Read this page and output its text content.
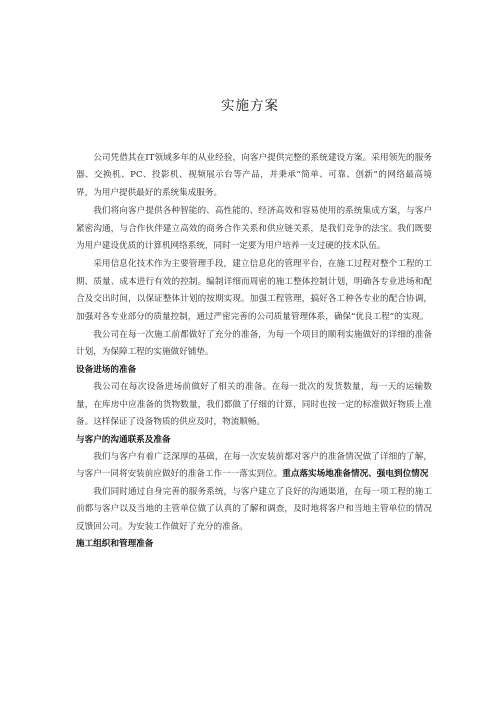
实施方案

公司凭借其在IT领域多年的从业经验，向客户提供完整的系统建设方案。采用领先的服务器、交换机、PC、投影机、视频展示台等产品，并秉承“简单、可靠、创新”的网络最高境界，为用户提供最好的系统集成服务。

我们将向客户提供各种智能的、高性能的、经济高效和容易使用的系统集成方案，与客户紧密沟通，与合作伙伴建立高效的商务合作关系和供应链关系，是我们竞争的法宝。我们既要为用户建设优质的计算机网络系统，同时一定要为用户培养一支过硬的技术队伍。

采用信息化技术作为主要管理手段，建立信息化的管理平台，在施工过程对整个工程的工期、质量、成本进行有效的控制。编制详细而周密的施工整体控制计划，明确各专业进场和配合及交出时间，以保证整体计划的按期实现。加强工程管理，搞好各工种各专业的配合协调，加强对各专业部分的质量控制，通过严密完善的公司质量管理体系，确保“优良工程”的实现。

我公司在每一次施工前都做好了充分的准备，为每一个项目的顺利实施做好的详细的准备计划，为保障工程的实施做好铺垫。

设备进场的准备

我公司在每次设备进场前做好了相关的准备。在每一批次的发货数量，每一天的运输数量，在库房中应准备的货物数量，我们都做了仔细的计算，同时也按一定的标准做好物质上准备。这样保证了设备物质的供应及时，物流顺畅。

与客户的沟通联系及准备

我们与客户有着广泛深厚的基础，在每一次安装前都对客户的准备情况做了详细的了解，与客户一同将安装前应做好的准备工作一一落实到位。重点落实场地准备情况、强电到位情况

我们同时通过自身完善的服务系统，与客户建立了良好的沟通渠道，在每一项工程的施工前都与客户以及当地的主管单位做了认真的了解和调查，及时地将客户和当地主管单位的情况反馈回公司。为安装工作做好了充分的准备。

施工组织和管理准备
